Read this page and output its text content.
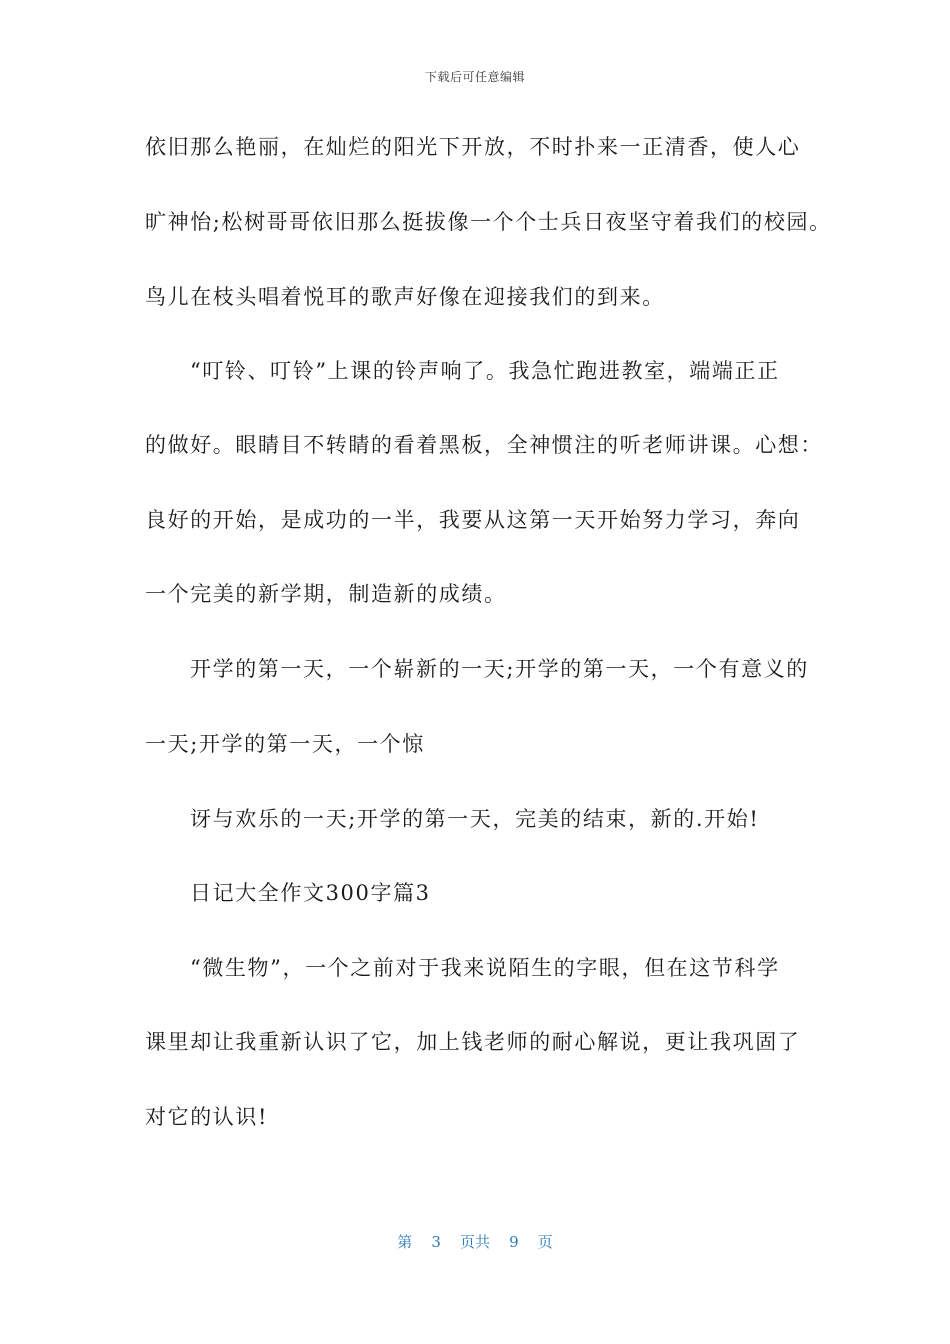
下载后可任意编辑
依旧那么艳丽，在灿烂的阳光下开放，不时扑来一正清香，使人心
旷神怡;松树哥哥依旧那么挺拔像一个个士兵日夜坚守着我们的校园。
鸟儿在枝头唱着悦耳的歌声好像在迎接我们的到来。
“叮铃、叮铃”上课的铃声响了。我急忙跑进教室，端端正正
的做好。眼睛目不转睛的看着黑板，全神惯注的听老师讲课。心想：
良好的开始，是成功的一半，我要从这第一天开始努力学习，奔向
一个完美的新学期，制造新的成绩。
开学的第一天，一个崭新的一天;开学的第一天，一个有意义的
一天;开学的第一天，一个惊
讶与欢乐的一天;开学的第一天，完美的结束，新的.开始!
日记大全作文300字篇3
“微生物”，一个之前对于我来说陌生的字眼，但在这节科学
课里却让我重新认识了它，加上钱老师的耐心解说，更让我巩固了
对它的认识!
第 3 页共 9 页
